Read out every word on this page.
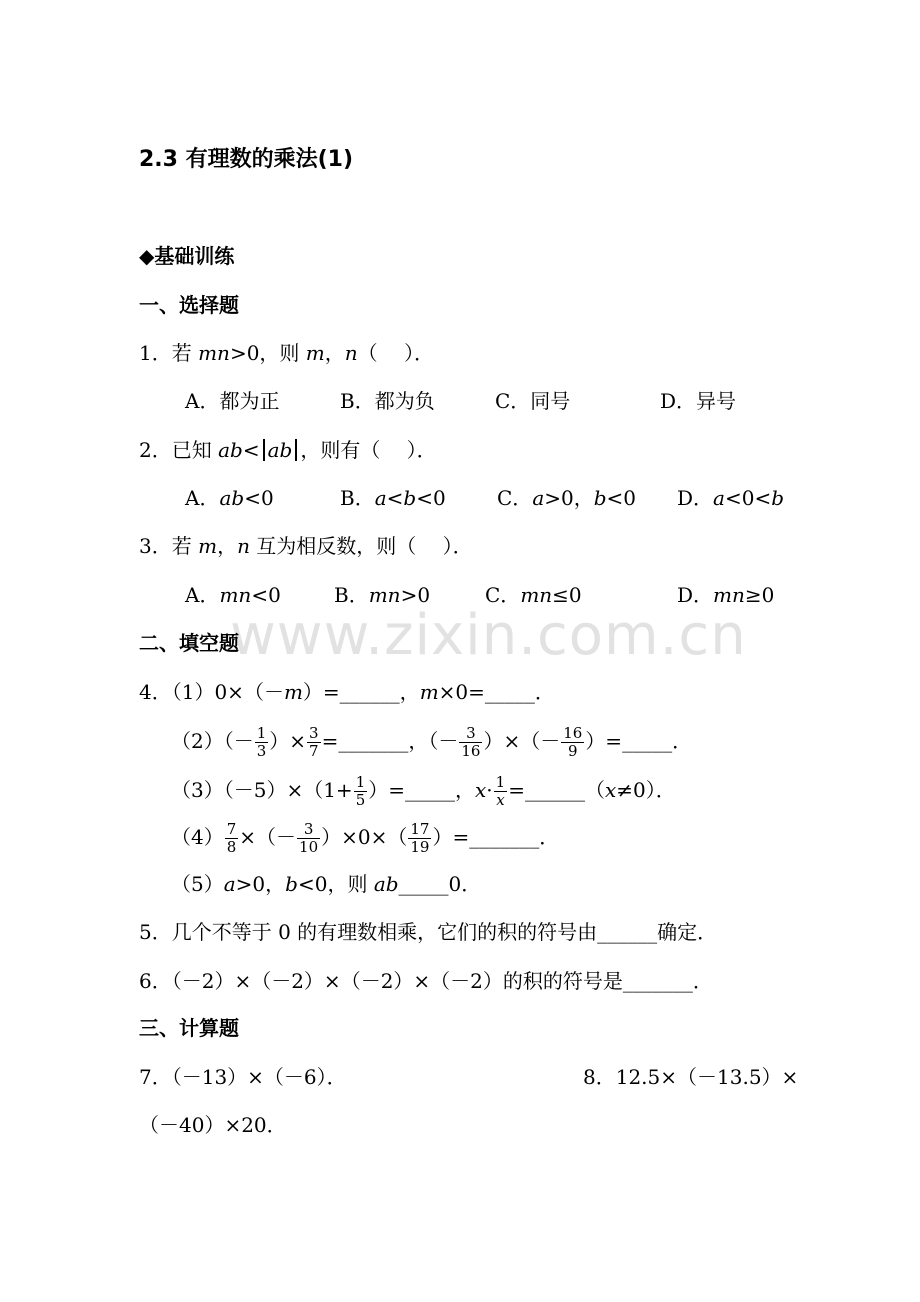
www.zixin.com.cn
2.3 有理数的乘法(1)
◆基础训练
一、选择题
1．若 mn>0，则 m，n（　 ）．
A．都为正	B．都为负	C．同号	D．异号
2．已知 ab< ab ，则有（　 ）．
A．ab<0	B．a<b<0	C．a>0，b<0 D．a<0<b
3．若 m，n 互为相反数，则（　 ）．
A．mn<0	B．mn>0	C．mn≤0	D．mn≥0
二、填空题
4．（1）0×（－m）=______，m×0=_____．
$(2)(- \frac{1}{3}$ ）× $\frac{3}{7}$ =_______，（－ $\frac{3}{16}$ ）×（－ $\frac{16}{9}$ ）=_____．
$(3)(-5)\times(1+ \frac{1}{5}$ ）=_____，$x\cdot \frac{1}{x}$ =______（x≠0）．
$(4) \frac{7}{8}$ ×（－ $\frac{3}{10} )\times 0\times( \frac{17}{19}$ ）=_______．
（5）a>0，b<0，则 ab_____0．
5．几个不等于 0 的有理数相乘，它们的积的符号由______确定．
6．（－2）×（－2）×（－2）×（－2）的积的符号是_______．
三、计算题
7．（－13）×（－6）．	8．12.5×（－13.5）×
（－40）×20．
